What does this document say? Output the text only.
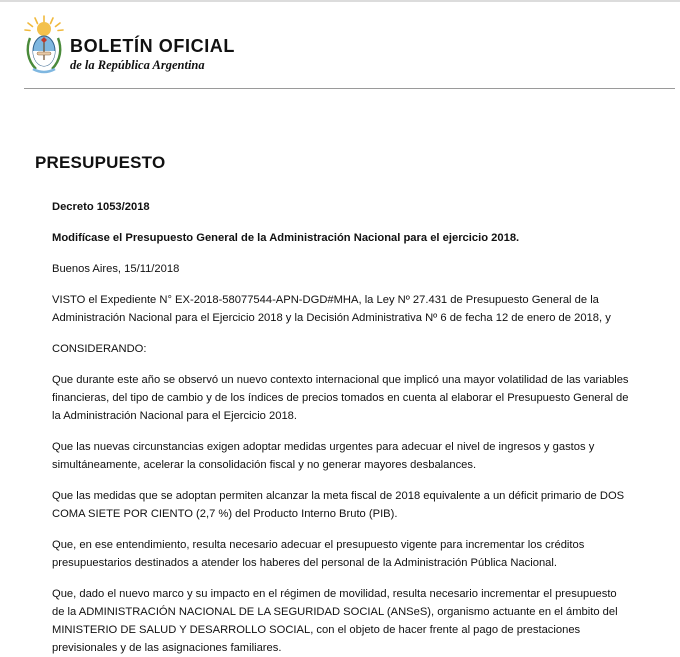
BOLETÍN OFICIAL
de la República Argentina
PRESUPUESTO

Decreto 1053/2018

Modifícase el Presupuesto General de la Administración Nacional para el ejercicio 2018.

Buenos Aires, 15/11/2018

VISTO el Expediente N° EX-2018-58077544-APN-DGD#MHA, la Ley Nº 27.431 de Presupuesto General de la Administración Nacional para el Ejercicio 2018 y la Decisión Administrativa Nº 6 de fecha 12 de enero de 2018, y

CONSIDERANDO:

Que durante este año se observó un nuevo contexto internacional que implicó una mayor volatilidad de las variables financieras, del tipo de cambio y de los índices de precios tomados en cuenta al elaborar el Presupuesto General de la Administración Nacional para el Ejercicio 2018.

Que las nuevas circunstancias exigen adoptar medidas urgentes para adecuar el nivel de ingresos y gastos y simultáneamente, acelerar la consolidación fiscal y no generar mayores desbalances.

Que las medidas que se adoptan permiten alcanzar la meta fiscal de 2018 equivalente a un déficit primario de DOS COMA SIETE POR CIENTO (2,7 %) del Producto Interno Bruto (PIB).

Que, en ese entendimiento, resulta necesario adecuar el presupuesto vigente para incrementar los créditos presupuestarios destinados a atender los haberes del personal de la Administración Pública Nacional.

Que, dado el nuevo marco y su impacto en el régimen de movilidad, resulta necesario incrementar el presupuesto de la ADMINISTRACIÓN NACIONAL DE LA SEGURIDAD SOCIAL (ANSeS), organismo actuante en el ámbito del MINISTERIO DE SALUD Y DESARROLLO SOCIAL, con el objeto de hacer frente al pago de prestaciones previsionales y de las asignaciones familiares.
